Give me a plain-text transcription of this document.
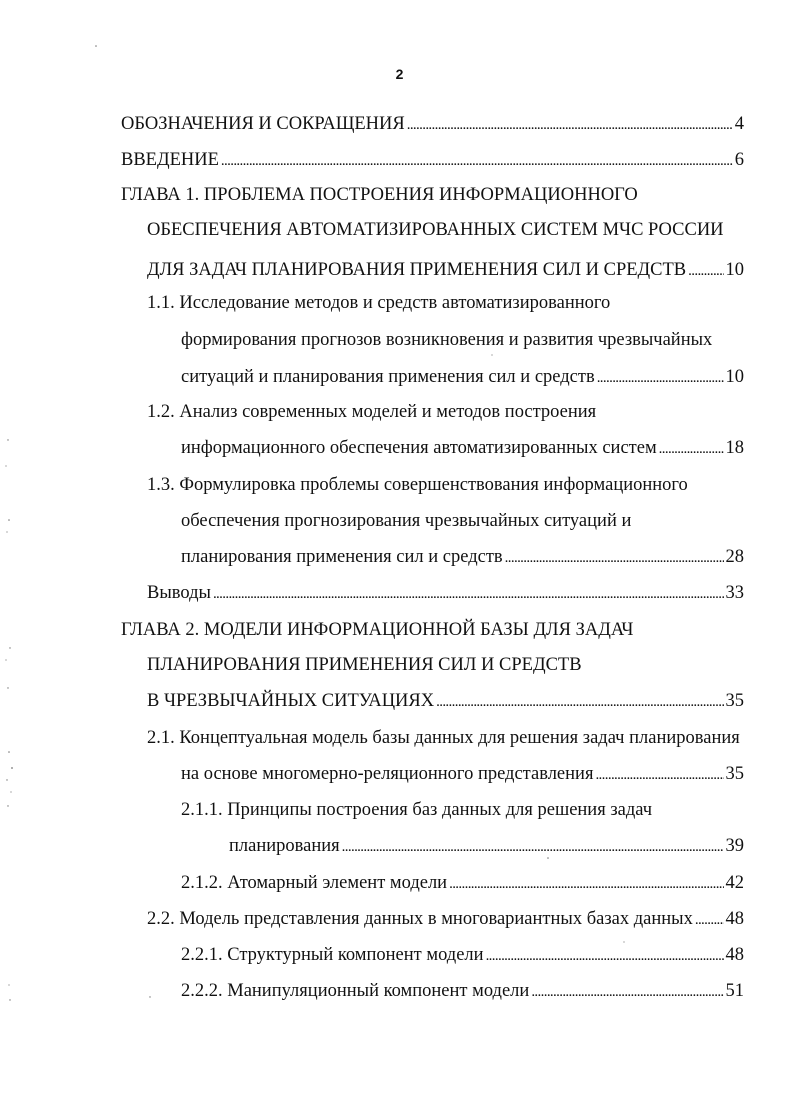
2
ОБОЗНАЧЕНИЯ И СОКРАЩЕНИЯ . . .	4
ВВЕДЕНИЕ . . .	6
ГЛАВА 1. ПРОБЛЕМА ПОСТРОЕНИЯ ИНФОРМАЦИОННОГО
ОБЕСПЕЧЕНИЯ АВТОМАТИЗИРОВАННЫХ СИСТЕМ МЧС РОССИИ
ДЛЯ ЗАДАЧ ПЛАНИРОВАНИЯ ПРИМЕНЕНИЯ СИЛ И СРЕДСТВ . . . 10
1.1. Исследование методов и средств автоматизированного
формирования прогнозов возникновения и развития чрезвычайных
ситуаций и планирования применения сил и средств . . .	10
1.2. Анализ современных моделей и методов построения
информационного обеспечения автоматизированных систем . . .	18
1.3. Формулировка проблемы совершенствования информационного
обеспечения прогнозирования чрезвычайных ситуаций и
планирования применения сил и средств . . .	28
Выводы . . .	33
ГЛАВА 2. МОДЕЛИ ИНФОРМАЦИОННОЙ БАЗЫ ДЛЯ ЗАДАЧ
ПЛАНИРОВАНИЯ ПРИМЕНЕНИЯ СИЛ И СРЕДСТВ
В ЧРЕЗВЫЧАЙНЫХ СИТУАЦИЯХ . . .	35
2.1. Концептуальная модель базы данных для решения задач планирования
на основе многомерно-реляционного представления . . .	35
2.1.1. Принципы построения баз данных для решения задач
планирования . . .	39
2.1.2. Атомарный элемент модели . . .	42
2.2. Модель представления данных в многовариантных базах данных . . . 48
2.2.1. Структурный компонент модели . . .	48
2.2.2. Манипуляционный компонент модели . . .	51
